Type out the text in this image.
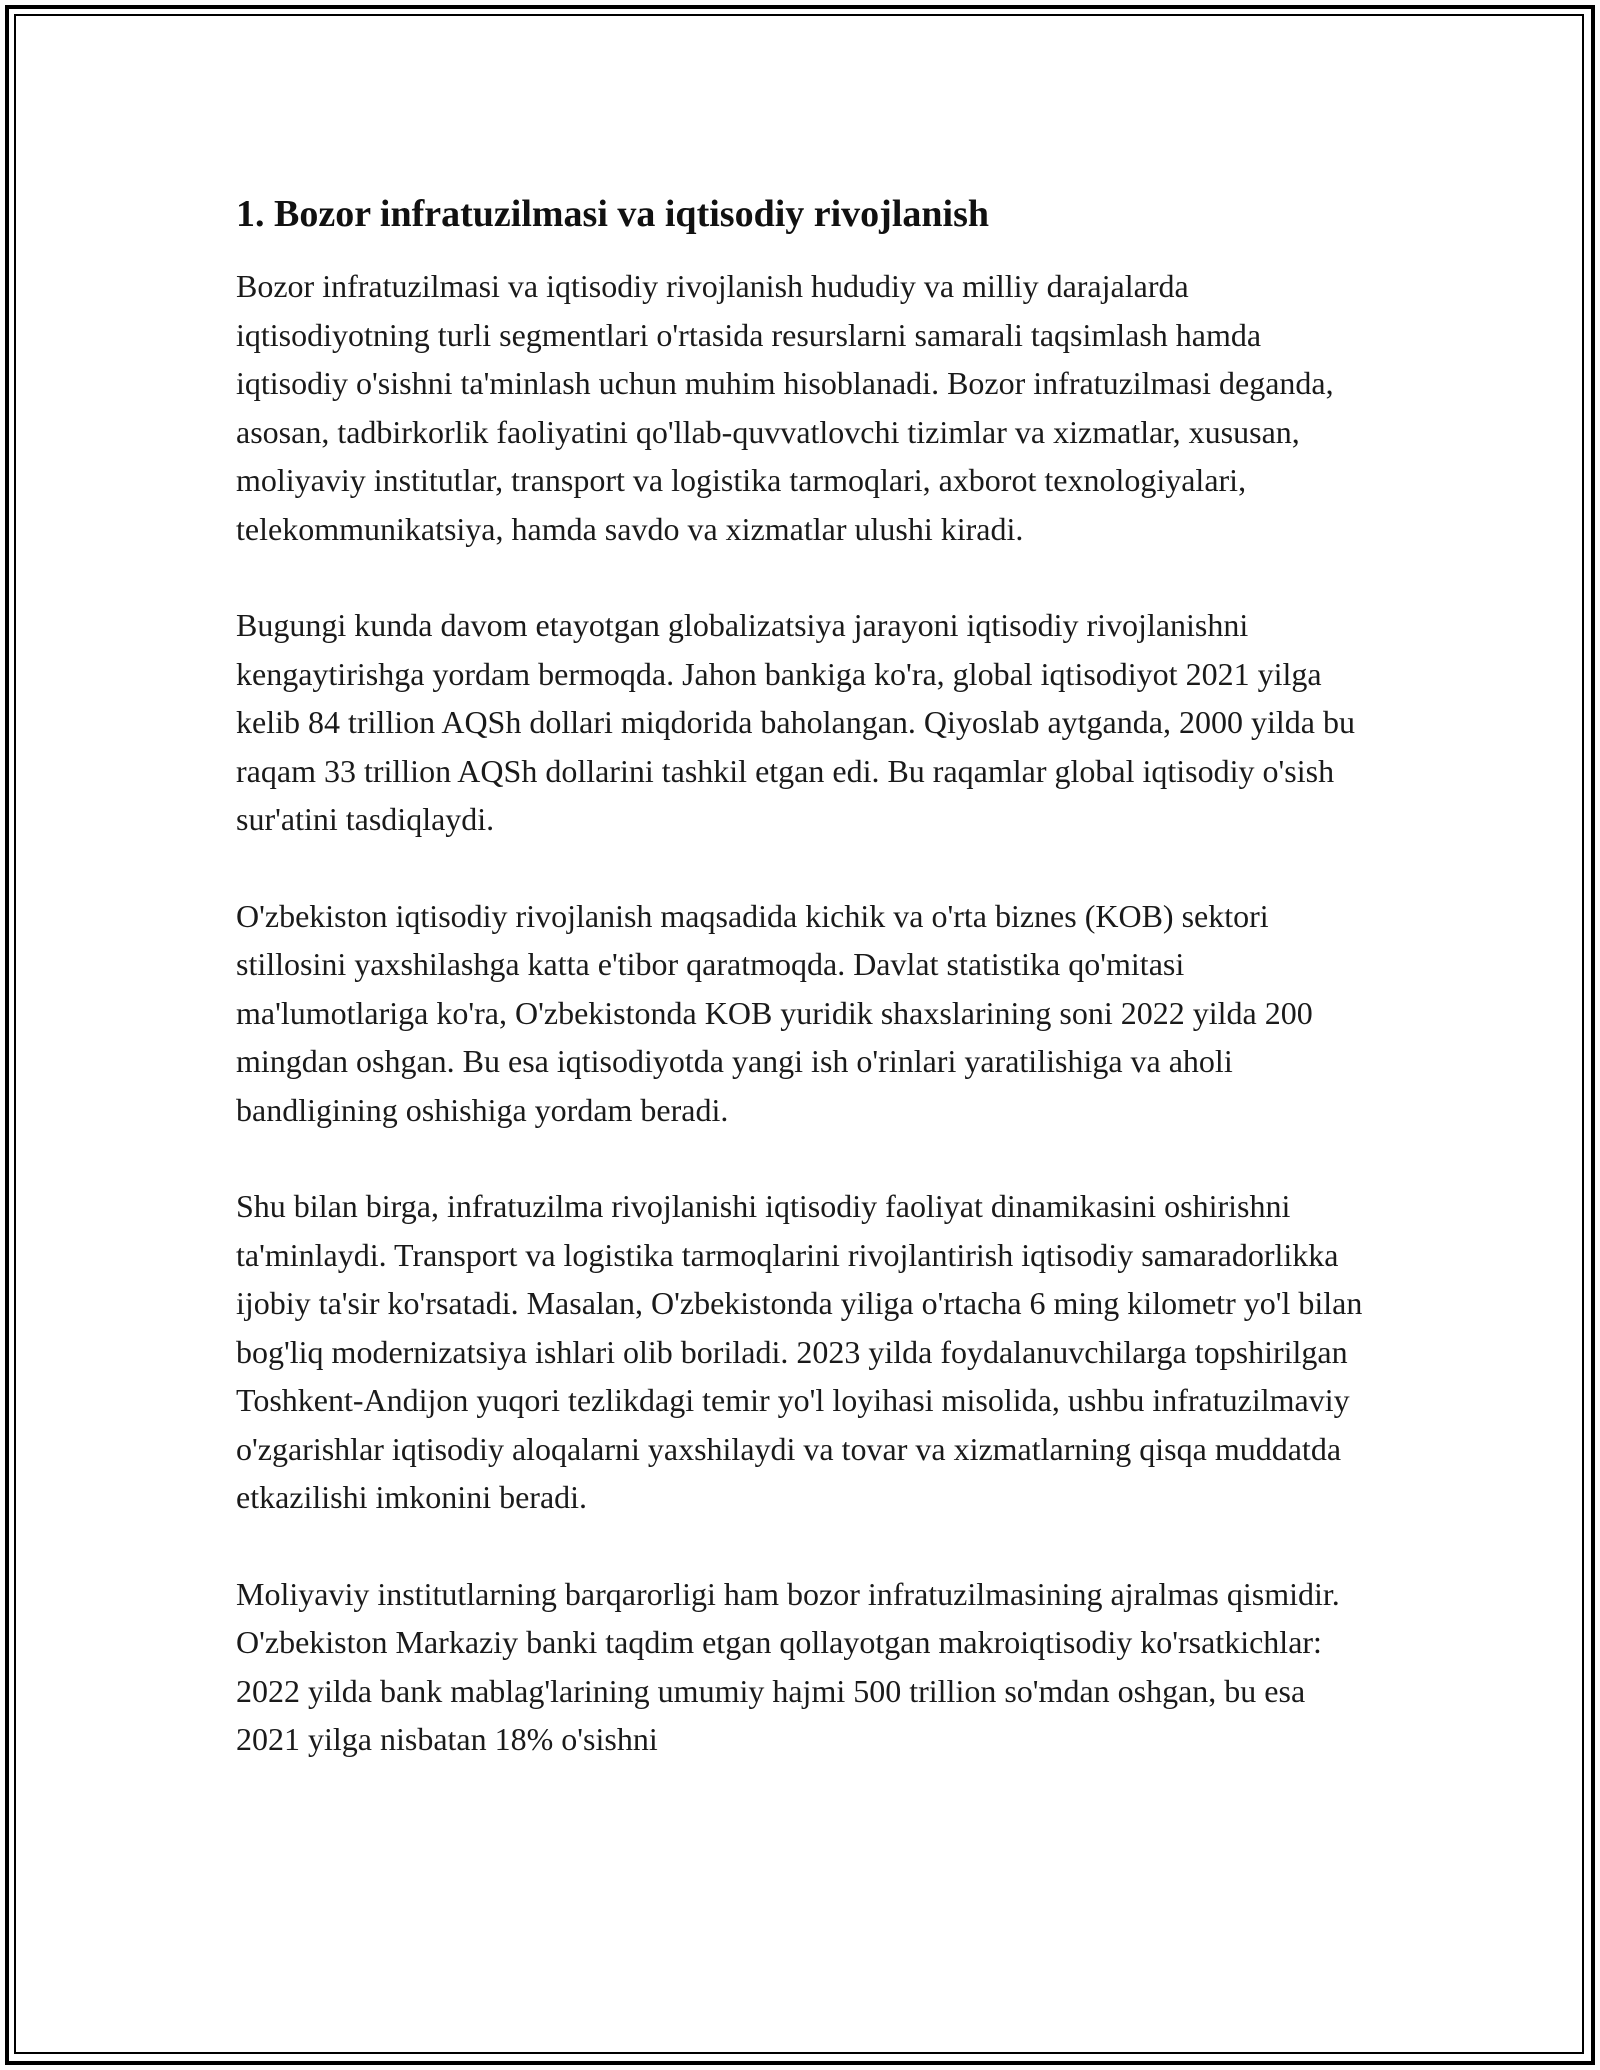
1. Bozor infratuzilmasi va iqtisodiy rivojlanish

Bozor infratuzilmasi va iqtisodiy rivojlanish hududiy va milliy darajalarda iqtisodiyotning turli segmentlari o'rtasida resurslarni samarali taqsimlash hamda iqtisodiy o'sishni ta'minlash uchun muhim hisoblanadi. Bozor infratuzilmasi deganda, asosan, tadbirkorlik faoliyatini qo'llab-quvvatlovchi tizimlar va xizmatlar, xususan, moliyaviy institutlar, transport va logistika tarmoqlari, axborot texnologiyalari, telekommunikatsiya, hamda savdo va xizmatlar ulushi kiradi.

Bugungi kunda davom etayotgan globalizatsiya jarayoni iqtisodiy rivojlanishni kengaytirishga yordam bermoqda. Jahon bankiga ko'ra, global iqtisodiyot 2021 yilga kelib 84 trillion AQSh dollari miqdorida baholangan. Qiyoslab aytganda, 2000 yilda bu raqam 33 trillion AQSh dollarini tashkil etgan edi. Bu raqamlar global iqtisodiy o'sish sur'atini tasdiqlaydi.

O'zbekiston iqtisodiy rivojlanish maqsadida kichik va o'rta biznes (KOB) sektori stillosini yaxshilashga katta e'tibor qaratmoqda. Davlat statistika qo'mitasi ma'lumotlariga ko'ra, O'zbekistonda KOB yuridik shaxslarining soni 2022 yilda 200 mingdan oshgan. Bu esa iqtisodiyotda yangi ish o'rinlari yaratilishiga va aholi bandligining oshishiga yordam beradi.

Shu bilan birga, infratuzilma rivojlanishi iqtisodiy faoliyat dinamikasini oshirishni ta'minlaydi. Transport va logistika tarmoqlarini rivojlantirish iqtisodiy samaradorlikka ijobiy ta'sir ko'rsatadi. Masalan, O'zbekistonda yiliga o'rtacha 6 ming kilometr yo'l bilan bog'liq modernizatsiya ishlari olib boriladi. 2023 yilda foydalanuvchilarga topshirilgan Toshkent-Andijon yuqori tezlikdagi temir yo'l loyihasi misolida, ushbu infratuzilmaviy o'zgarishlar iqtisodiy aloqalarni yaxshilaydi va tovar va xizmatlarning qisqa muddatda etkazilishi imkonini beradi.

Moliyaviy institutlarning barqarorligi ham bozor infratuzilmasining ajralmas qismidir. O'zbekiston Markaziy banki taqdim etgan qollayotgan makroiqtisodiy ko'rsatkichlar: 2022 yilda bank mablag'larining umumiy hajmi 500 trillion so'mdan oshgan, bu esa 2021 yilga nisbatan 18% o'sishni
